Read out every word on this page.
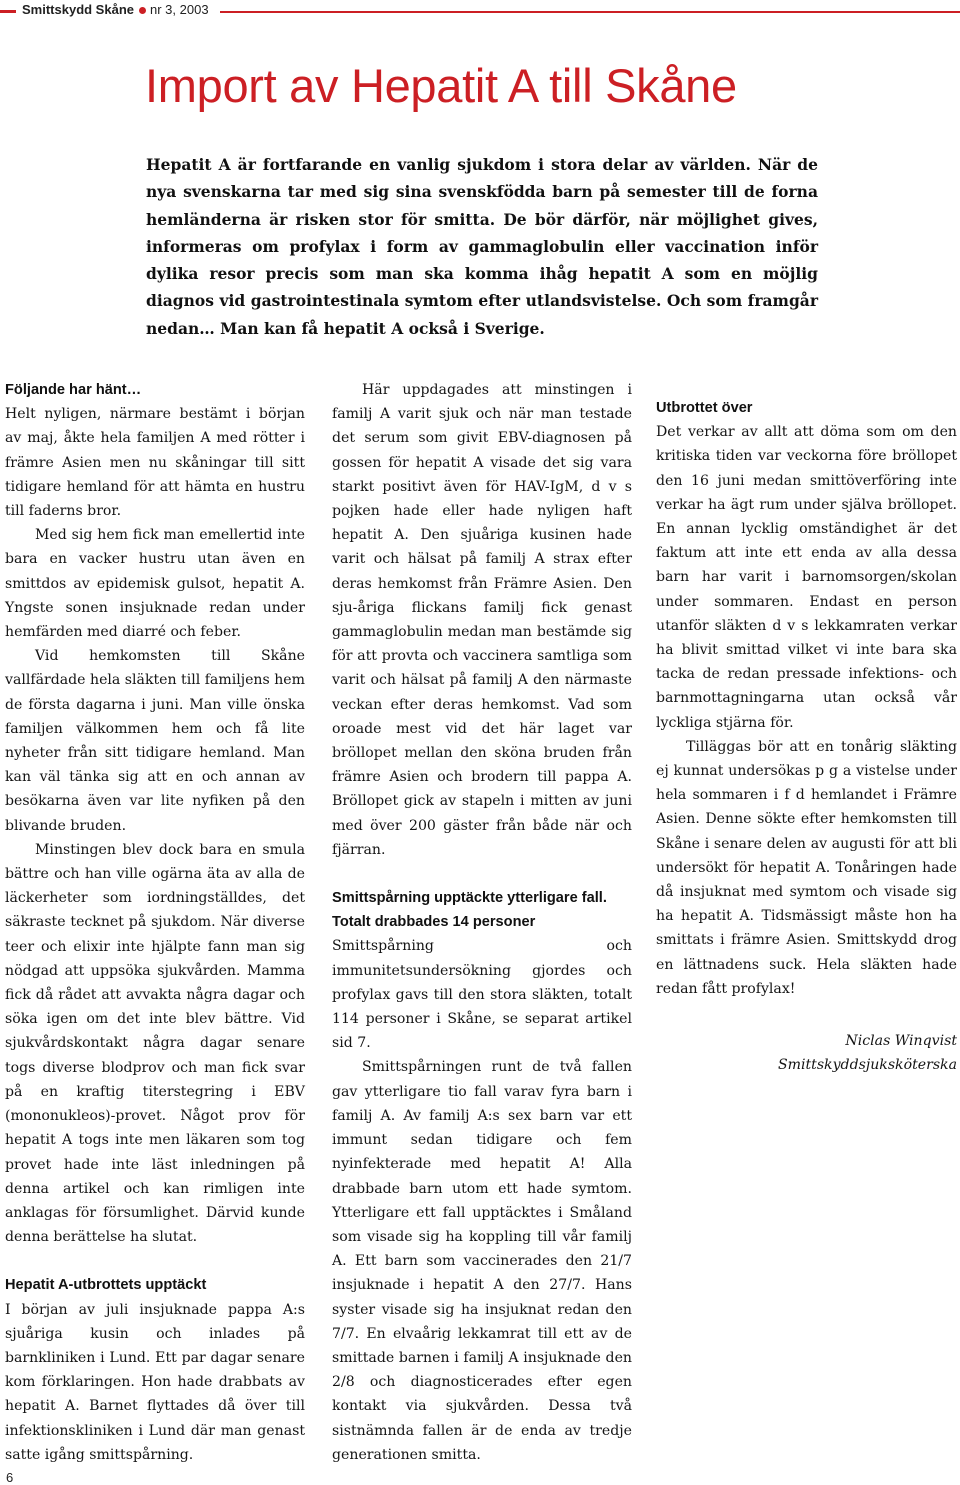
Smittskydd Skåne nr 3, 2003
Import av Hepatit A till Skåne
Hepatit A är fortfarande en vanlig sjukdom i stora delar av världen. När de nya svenskarna tar med sig sina svenskfödda barn på semester till de forna hemländerna är risken stor för smitta. De bör därför, när möjlighet gives, informeras om profylax i form av gammaglobulin eller vaccination inför dylika resor precis som man ska komma ihåg hepatit A som en möjlig diagnos vid gastrointestinala symtom efter utlandsvistelse. Och som framgår nedan… Man kan få hepatit A också i Sverige.
Följande har hänt…

Helt nyligen, närmare bestämt i början av maj, åkte hela familjen A med rötter i främre Asien men nu skåningar till sitt tidigare hemland för att hämta en hustru till faderns bror.

Med sig hem fick man emellertid inte bara en vacker hustru utan även en smittdos av epidemisk gulsot, hepatit A. Yngste sonen insjuknade redan under hemfärden med diarré och feber.

Vid hemkomsten till Skåne vallfärdade hela släkten till familjens hem de första dagarna i juni. Man ville önska familjen välkommen hem och få lite nyheter från sitt tidigare hemland. Man kan väl tänka sig att en och annan av besökarna även var lite nyfiken på den blivande bruden.

Minstingen blev dock bara en smula bättre och han ville ogärna äta av alla de läckerheter som iordningställdes, det säkraste tecknet på sjukdom. När diverse teer och elixir inte hjälpte fann man sig nödgad att uppsöka sjukvården. Mamma fick då rådet att avvakta några dagar och söka igen om det inte blev bättre. Vid sjukvårdskontakt några dagar senare togs diverse blodprov och man fick svar på en kraftig titerstegring i EBV (mononukleos)-provet. Något prov för hepatit A togs inte men läkaren som tog provet hade inte läst inledningen på denna artikel och kan rimligen inte anklagas för försumlighet. Därvid kunde denna berättelse ha slutat.

Hepatit A-utbrottets upptäckt

I början av juli insjuknade pappa A:s sjuåriga kusin och inlades på barnkliniken i Lund. Ett par dagar senare kom förklaringen. Hon hade drabbats av hepatit A. Barnet flyttades då över till infektionskliniken i Lund där man genast satte igång smittspårning.

Här uppdagades att minstingen i familj A varit sjuk och när man testade det serum som givit EBV-diagnosen på gossen för hepatit A visade det sig vara starkt positivt även för HAV-IgM, d v s pojken hade eller hade nyligen haft hepatit A. Den sjuåriga kusinen hade varit och hälsat på familj A strax efter deras hemkomst från Främre Asien. Den sju-åriga flickans familj fick genast gammaglobulin medan man bestämde sig för att provta och vaccinera samtliga som varit och hälsat på familj A den närmaste veckan efter deras hemkomst. Vad som oroade mest vid det här laget var bröllopet mellan den sköna bruden från främre Asien och brodern till pappa A. Bröllopet gick av stapeln i mitten av juni med över 200 gäster från både när och fjärran.

Smittspårning upptäckte ytterligare fall. Totalt drabbades 14 personer

Smittspårning och immunitetsundersökning gjordes och profylax gavs till den stora släkten, totalt 114 personer i Skåne, se separat artikel sid 7.

Smittspårningen runt de två fallen gav ytterligare tio fall varav fyra barn i familj A. Av familj A:s sex barn var ett immunt sedan tidigare och fem nyinfekterade med hepatit A! Alla drabbade barn utom ett hade symtom. Ytterligare ett fall upptäcktes i Småland som visade sig ha koppling till vår familj A. Ett barn som vaccinerades den 21/7 insjuknade i hepatit A den 27/7. Hans syster visade sig ha insjuknat redan den 7/7. En elvaårig lekkamrat till ett av de smittade barnen i familj A insjuknade den 2/8 och diagnosticerades efter egen kontakt via sjukvården. Dessa två sistnämnda fallen är de enda av tredje generationen smitta.

Utbrottet över

Det verkar av allt att döma som om den kritiska tiden var veckorna före bröllopet den 16 juni medan smittöverföring inte verkar ha ägt rum under själva bröllopet. En annan lycklig omständighet är det faktum att inte ett enda av alla dessa barn har varit i barnomsorgen/skolan under sommaren. Endast en person utanför släkten d v s lekkamraten verkar ha blivit smittad vilket vi inte bara ska tacka de redan pressade infektions- och barnmottagningarna utan också vår lyckliga stjärna för.

Tilläggas bör att en tonårig släkting ej kunnat undersökas p g a vistelse under hela sommaren i f d hemlandet i Främre Asien. Denne sökte efter hemkomsten till Skåne i senare delen av augusti för att bli undersökt för hepatit A. Tonåringen hade då insjuknat med symtom och visade sig ha hepatit A. Tidsmässigt måste hon ha smittats i främre Asien. Smittskydd drog en lättnadens suck. Hela släkten hade redan fått profylax!

Niclas Winqvist
Smittskyddsjuksköterska
6
